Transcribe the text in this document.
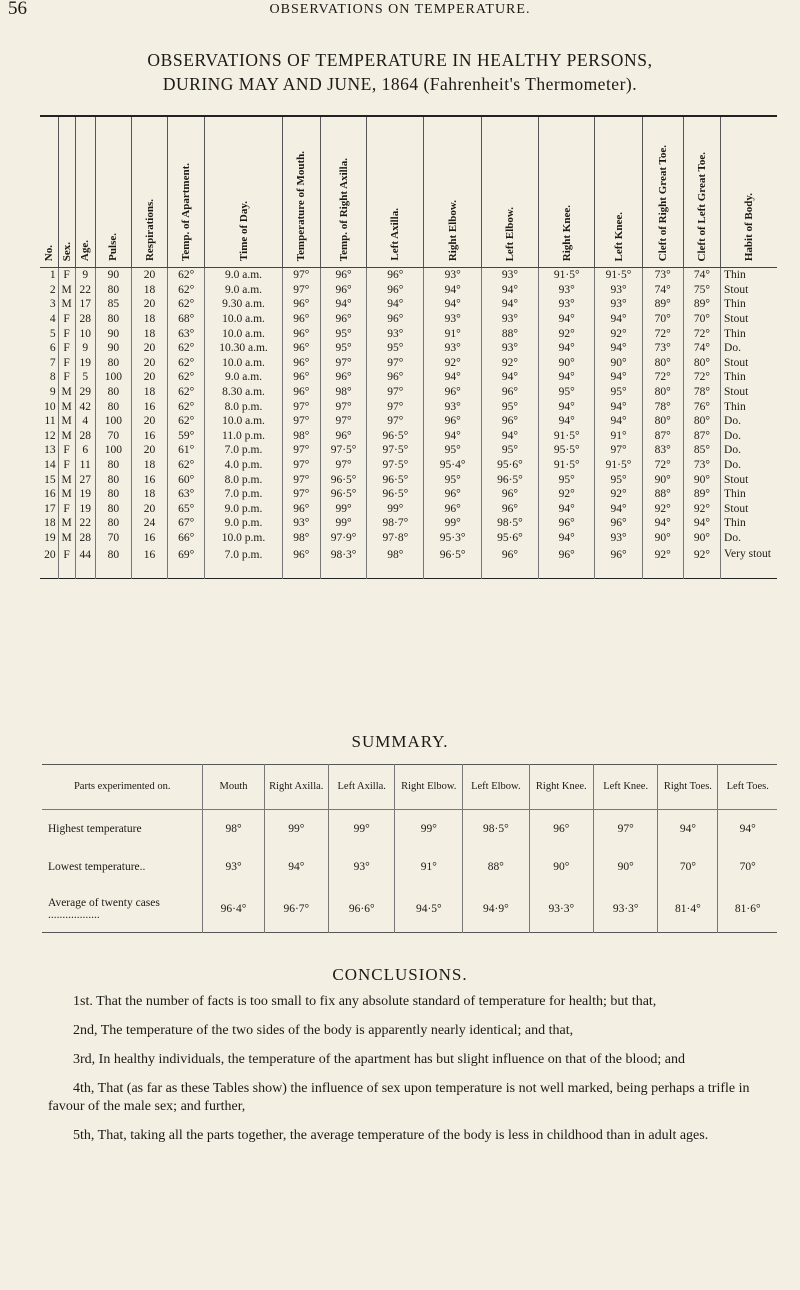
56	OBSERVATIONS ON TEMPERATURE.
OBSERVATIONS OF TEMPERATURE IN HEALTHY PERSONS,
DURING MAY AND JUNE, 1864 (Fahrenheit's Thermometer).
No.	Sex.	Age.	Pulse.	Respirations.	Temp. of Apartment.	Time of Day.	Temperature of Mouth.	Temp. of Right Axilla.	Left Axilla.	Right Elbow.	Left Elbow.	Right Knee.	Left Knee.	Cleft of Right Great Toe.	Cleft of Left Great Toe.	Habit of Body.

1	F	9	90	20	62°	9.0 a.m.	97°	96°	96°	93°	93°	91·5°	91·5°	73°	74°	Thin
2	M	22	80	18	62°	9.0 a.m.	97°	96°	96°	94°	94°	93°	93°	74°	75°	Stout
3	M	17	85	20	62°	9.30 a.m.	96°	94°	94°	94°	94°	93°	93°	89°	89°	Thin
4	F	28	80	18	68°	10.0 a.m.	96°	96°	96°	93°	93°	94°	94°	70°	70°	Stout
5	F	10	90	18	63°	10.0 a.m.	96°	95°	93°	91°	88°	92°	92°	72°	72°	Thin
6	F	9	90	20	62°	10.30 a.m.	96°	95°	95°	93°	93°	94°	94°	73°	74°	Do.
7	F	19	80	20	62°	10.0 a.m.	96°	97°	97°	92°	92°	90°	90°	80°	80°	Stout
8	F	5	100	20	62°	9.0 a.m.	96°	96°	96°	94°	94°	94°	94°	72°	72°	Thin
9	M	29	80	18	62°	8.30 a.m.	96°	98°	97°	96°	96°	95°	95°	80°	78°	Stout
10	M	42	80	16	62°	8.0 p.m.	97°	97°	97°	93°	95°	94°	94°	78°	76°	Thin
11	M	4	100	20	62°	10.0 a.m.	97°	97°	97°	96°	96°	94°	94°	80°	80°	Do.
12	M	28	70	16	59°	11.0 p.m.	98°	96°	96·5°	94°	94°	91·5°	91°	87°	87°	Do.
13	F	6	100	20	61°	7.0 p.m.	97°	97·5°	97·5°	95°	95°	95·5°	97°	83°	85°	Do.
14	F	11	80	18	62°	4.0 p.m.	97°	97°	97·5°	95·4°	95·6°	91·5°	91·5°	72°	73°	Do.
15	M	27	80	16	60°	8.0 p.m.	97°	96·5°	96·5°	95°	96·5°	95°	95°	90°	90°	Stout
16	M	19	80	18	63°	7.0 p.m.	97°	96·5°	96·5°	96°	96°	92°	92°	88°	89°	Thin
17	F	19	80	20	65°	9.0 p.m.	96°	99°	99°	96°	96°	94°	94°	92°	92°	Stout
18	M	22	80	24	67°	9.0 p.m.	93°	99°	98·7°	99°	98·5°	96°	96°	94°	94°	Thin
19	M	28	70	16	66°	10.0 p.m.	98°	97·9°	97·8°	95·3°	95·6°	94°	93°	90°	90°	Do.
20	F	44	80	16	69°	7.0 p.m.	96°	98·3°	98°	96·5°	96°	96°	96°	92°	92°	Very stout
SUMMARY.
Parts experimented on.	Mouth	Right Axilla.	Left Axilla.	Right Elbow.	Left Elbow.	Right Knee.	Left Knee.	Right Toes.	Left Toes.
Highest temperature	98°	99°	99°	99°	98·5°	96°	97°	94°	94°
Lowest temperature..	93°	94°	93°	91°	88°	90°	90°	70°	70°
Average of twenty cases ..................	96·4°	96·7°	96·6°	94·5°	94·9°	93·3°	93·3°	81·4°	81·6°
CONCLUSIONS.

1st. That the number of facts is too small to fix any absolute standard of temperature for health; but that,

2nd, The temperature of the two sides of the body is apparently nearly identical; and that,

3rd, In healthy individuals, the temperature of the apartment has but slight influence on that of the blood; and

4th, That (as far as these Tables show) the influence of sex upon temperature is not well marked, being perhaps a trifle in favour of the male sex; and further,

5th, That, taking all the parts together, the average temperature of the body is less in childhood than in adult ages.
